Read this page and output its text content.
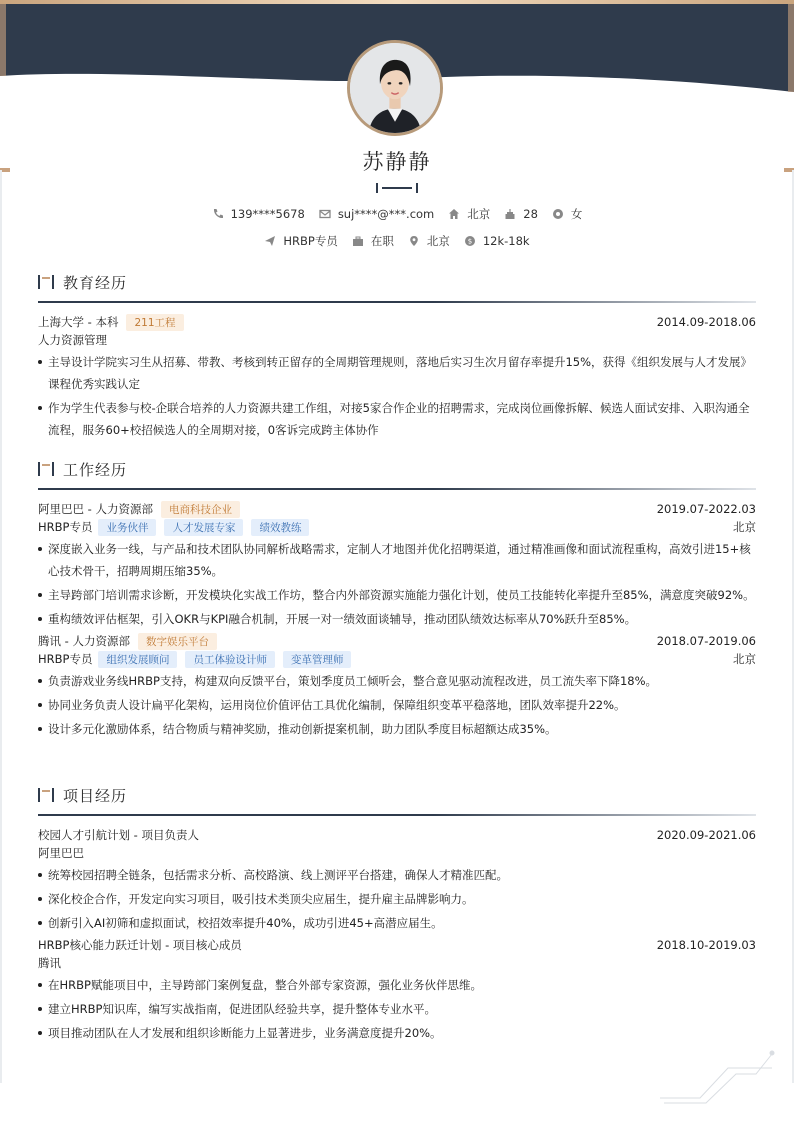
苏静静
139****5678	suj****@***.com	北京	28	女
HRBP专员	在职	北京	$ 12k-18k
教育经历
上海大学 - 本科	211工程	2014.09-2018.06
人力资源管理
主导设计学院实习生从招募、带教、考核到转正留存的全周期管理规则，落地后实习生次月留存率提升15%，获得《组织发展与人才发展》课程优秀实践认定
作为学生代表参与校-企联合培养的人力资源共建工作组，对接5家合作企业的招聘需求，完成岗位画像拆解、候选人面试安排、入职沟通全流程，服务60+校招候选人的全周期对接，0客诉完成跨主体协作
工作经历
阿里巴巴 - 人力资源部	电商科技企业	2019.07-2022.03
HRBP专员	业务伙伴	人才发展专家	绩效教练	北京
深度嵌入业务一线，与产品和技术团队协同解析战略需求，定制人才地图并优化招聘渠道，通过精准画像和面试流程重构，高效引进15+核心技术骨干，招聘周期压缩35%。
主导跨部门培训需求诊断，开发模块化实战工作坊，整合内外部资源实施能力强化计划，使员工技能转化率提升至85%，满意度突破92%。
重构绩效评估框架，引入OKR与KPI融合机制，开展一对一绩效面谈辅导，推动团队绩效达标率从70%跃升至85%。
腾讯 - 人力资源部	数字娱乐平台	2018.07-2019.06
HRBP专员	组织发展顾问	员工体验设计师	变革管理师	北京
负责游戏业务线HRBP支持，构建双向反馈平台，策划季度员工倾听会，整合意见驱动流程改进，员工流失率下降18%。
协同业务负责人设计扁平化架构，运用岗位价值评估工具优化编制，保障组织变革平稳落地，团队效率提升22%。
设计多元化激励体系，结合物质与精神奖励，推动创新提案机制，助力团队季度目标超额达成35%。
项目经历
校园人才引航计划 - 项目负责人	2020.09-2021.06
阿里巴巴
统筹校园招聘全链条，包括需求分析、高校路演、线上测评平台搭建，确保人才精准匹配。
深化校企合作，开发定向实习项目，吸引技术类顶尖应届生，提升雇主品牌影响力。
创新引入AI初筛和虚拟面试，校招效率提升40%，成功引进45+高潜应届生。
HRBP核心能力跃迁计划 - 项目核心成员	2018.10-2019.03
腾讯
在HRBP赋能项目中，主导跨部门案例复盘，整合外部专家资源，强化业务伙伴思维。
建立HRBP知识库，编写实战指南，促进团队经验共享，提升整体专业水平。
项目推动团队在人才发展和组织诊断能力上显著进步，业务满意度提升20%。
